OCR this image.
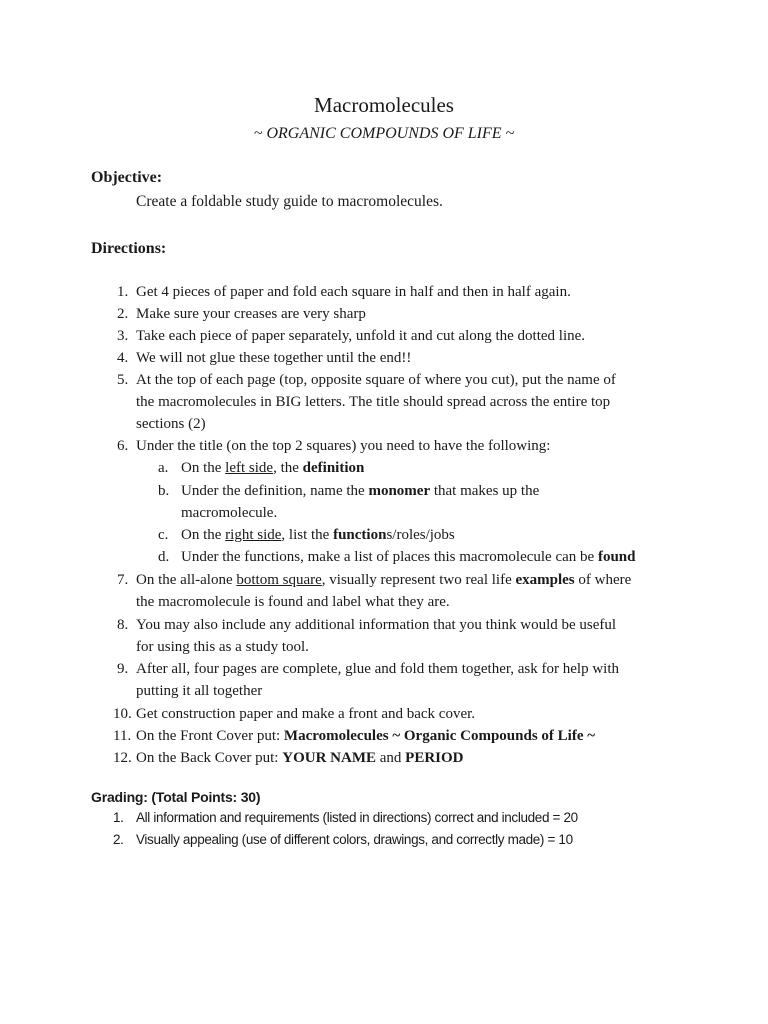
Macromolecules
~ ORGANIC COMPOUNDS OF LIFE ~
Objective:
Create a foldable study guide to macromolecules.
Directions:
1. Get 4 pieces of paper and fold each square in half and then in half again.
2. Make sure your creases are very sharp
3. Take each piece of paper separately, unfold it and cut along the dotted line.
4. We will not glue these together until the end!!
5. At the top of each page (top, opposite square of where you cut), put the name of
the macromolecules in BIG letters. The title should spread across the entire top
sections (2)
6. Under the title (on the top 2 squares) you need to have the following:
a. On the left side, the definition
b. Under the definition, name the monomer that makes up the
macromolecule.
c. On the right side, list the functions/roles/jobs
d. Under the functions, make a list of places this macromolecule can be found
7. On the all-alone bottom square, visually represent two real life examples of where
the macromolecule is found and label what they are.
8. You may also include any additional information that you think would be useful
for using this as a study tool.
9. After all, four pages are complete, glue and fold them together, ask for help with
putting it all together
10. Get construction paper and make a front and back cover.
11. On the Front Cover put: Macromolecules ~ Organic Compounds of Life ~
12. On the Back Cover put: YOUR NAME and PERIOD
Grading: (Total Points: 30)
1. All information and requirements (listed in directions) correct and included = 20
2. Visually appealing (use of different colors, drawings, and correctly made) = 10
